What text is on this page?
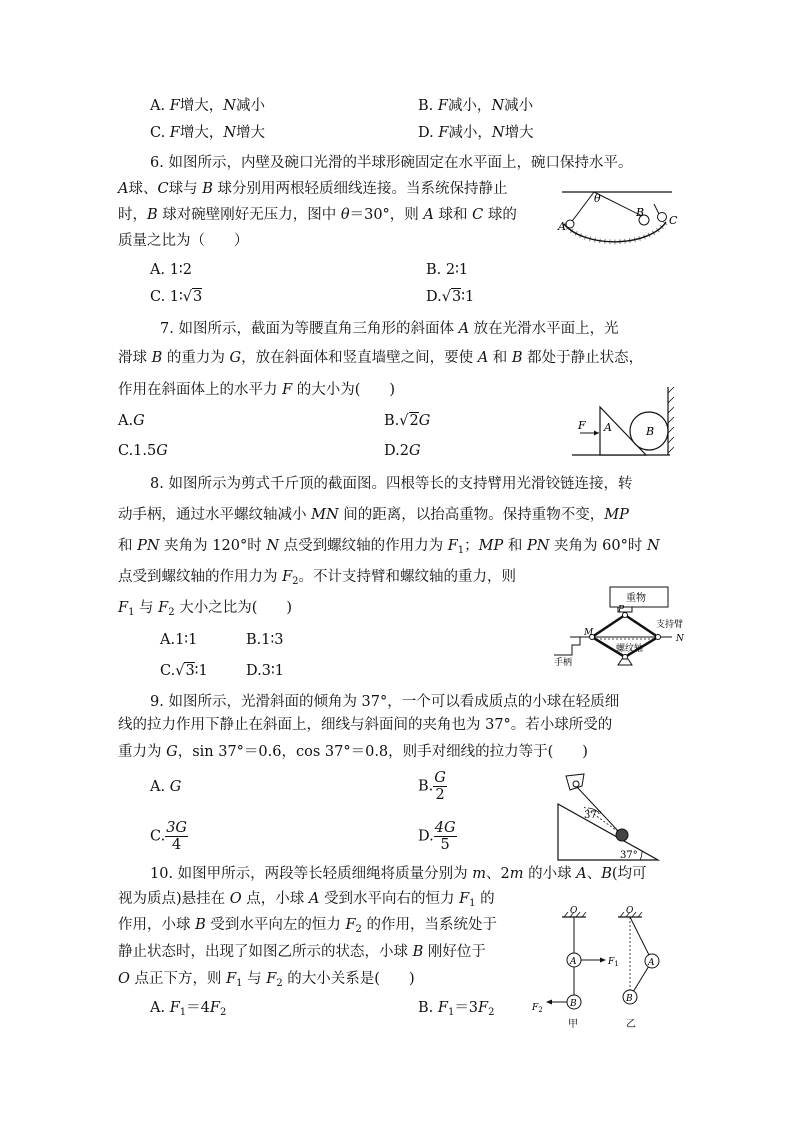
A. F增大，N减小	B. F减小，N减小
C. F增大，N增大	D. F减小，N增大
6. 如图所示，内壁及碗口光滑的半球形碗固定在水平面上，碗口保持水平。
A球、C球与 B 球分别用两根轻质细线连接。当系统保持静止
时，B 球对碗壁刚好无压力，图中 θ＝30°，则 A 球和 C 球的
质量之比为（　　）
A. 1∶2	B. 2∶1
C. 1∶√3	D.√3∶1
θ
A
B
C
7. 如图所示，截面为等腰直角三角形的斜面体 A 放在光滑水平面上，光
滑球 B 的重力为 G，放在斜面体和竖直墙壁之间，要使 A 和 B 都处于静止状态，
作用在斜面体上的水平力 F 的大小为(　　)
A.G	B.√2G
C.1.5G	D.2G
F A	B
8. 如图所示为剪式千斤顶的截面图。四根等长的支持臂用光滑铰链连接，转
动手柄，通过水平螺纹轴减小 MN 间的距离，以抬高重物。保持重物不变，MP
和 PN 夹角为 120°时 N 点受到螺纹轴的作用力为 $F_1$；MP 和 PN 夹角为 60°时 N
点受到螺纹轴的作用力为 $F_2$。不计支持臂和螺纹轴的重力，则
$F_1$ 与 $F_2$ 大小之比为(　　)
A.1∶1	B.1∶3
C.√3∶1	D.3∶1
重物
P
M
N
支持臂
螺纹轴
手柄
9. 如图所示，光滑斜面的倾角为 37°，一个可以看成质点的小球在轻质细
线的拉力作用下静止在斜面上，细线与斜面间的夹角也为 37°。若小球所受的
重力为 G，sin 37°＝0.6，cos 37°＝0.8，则手对细线的拉力等于(　　)
A. G	B. $\frac{G}{2}$
C. $\frac{3G}{4}$	D. $\frac{4G}{5}$
37°
37°
10. 如图甲所示，两段等长轻质细绳将质量分别为 m、2m 的小球 A、B(均可
视为质点)悬挂在 O 点，小球 A 受到水平向右的恒力 $F_1$ 的
作用，小球 B 受到水平向左的恒力 $F_2$ 的作用，当系统处于
静止状态时，出现了如图乙所示的状态，小球 B 刚好位于
O 点正下方，则 $F_1$ 与 $F_2$ 的大小关系是(　　)
A. $F_1=4F_2$	B. $F_1=3F_2$
O
A
B
$F_1$
$F_2$
甲
O
A
B
乙
